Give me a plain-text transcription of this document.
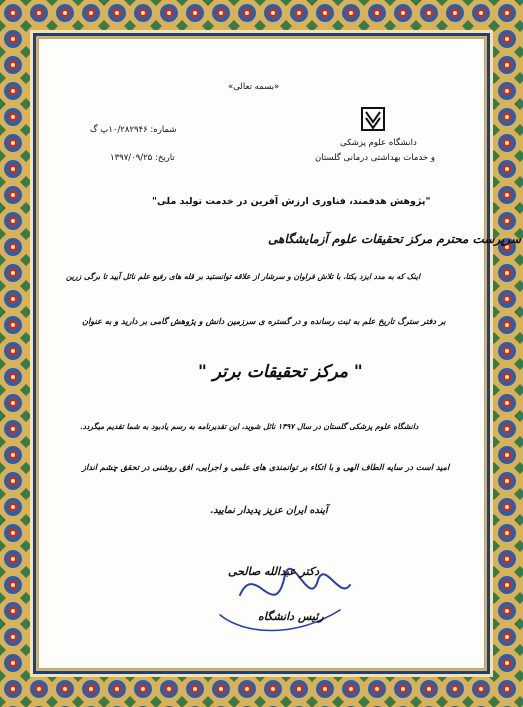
«بسمه تعالی»
دانشگاه علوم پزشکی
و خدمات بهداشتی درمانی گلستان
شماره: ۱۰/۲۸۲۹۴۶پ گ
تاریخ: ۱۳۹۷/۰۹/۲۵
"پژوهش هدفمند، فناوری ارزش آفرین در خدمت تولید ملی"
سرپرست محترم مرکز تحقیقات علوم آزمایشگاهی
اینک که به مدد ایزد یکتا، با تلاش فراوان و سرشار از علاقه توانستید بر قله های رفیع علم نائل آیید تا برگی زرین
بر دفتر سترگ تاریخ علم به ثبت رسانده و در گستره ی سرزمین دانش و پژوهش گامی بر دارید و به عنوان
" مرکز تحقیقات برتر "
دانشگاه علوم پزشکی گلستان در سال ۱۳۹۷ نائل شوید، این تقدیرنامه به رسم یادبود به شما تقدیم میگردد.
امید است در سایه الطاف الهی و با اتکاء بر توانمندی های علمی و اجرایی، افق روشنی در تحقق چشم انداز
آینده ایران عزیز پدیدار نمایید.
دکتر عبدالله صالحی
رئیس دانشگاه
